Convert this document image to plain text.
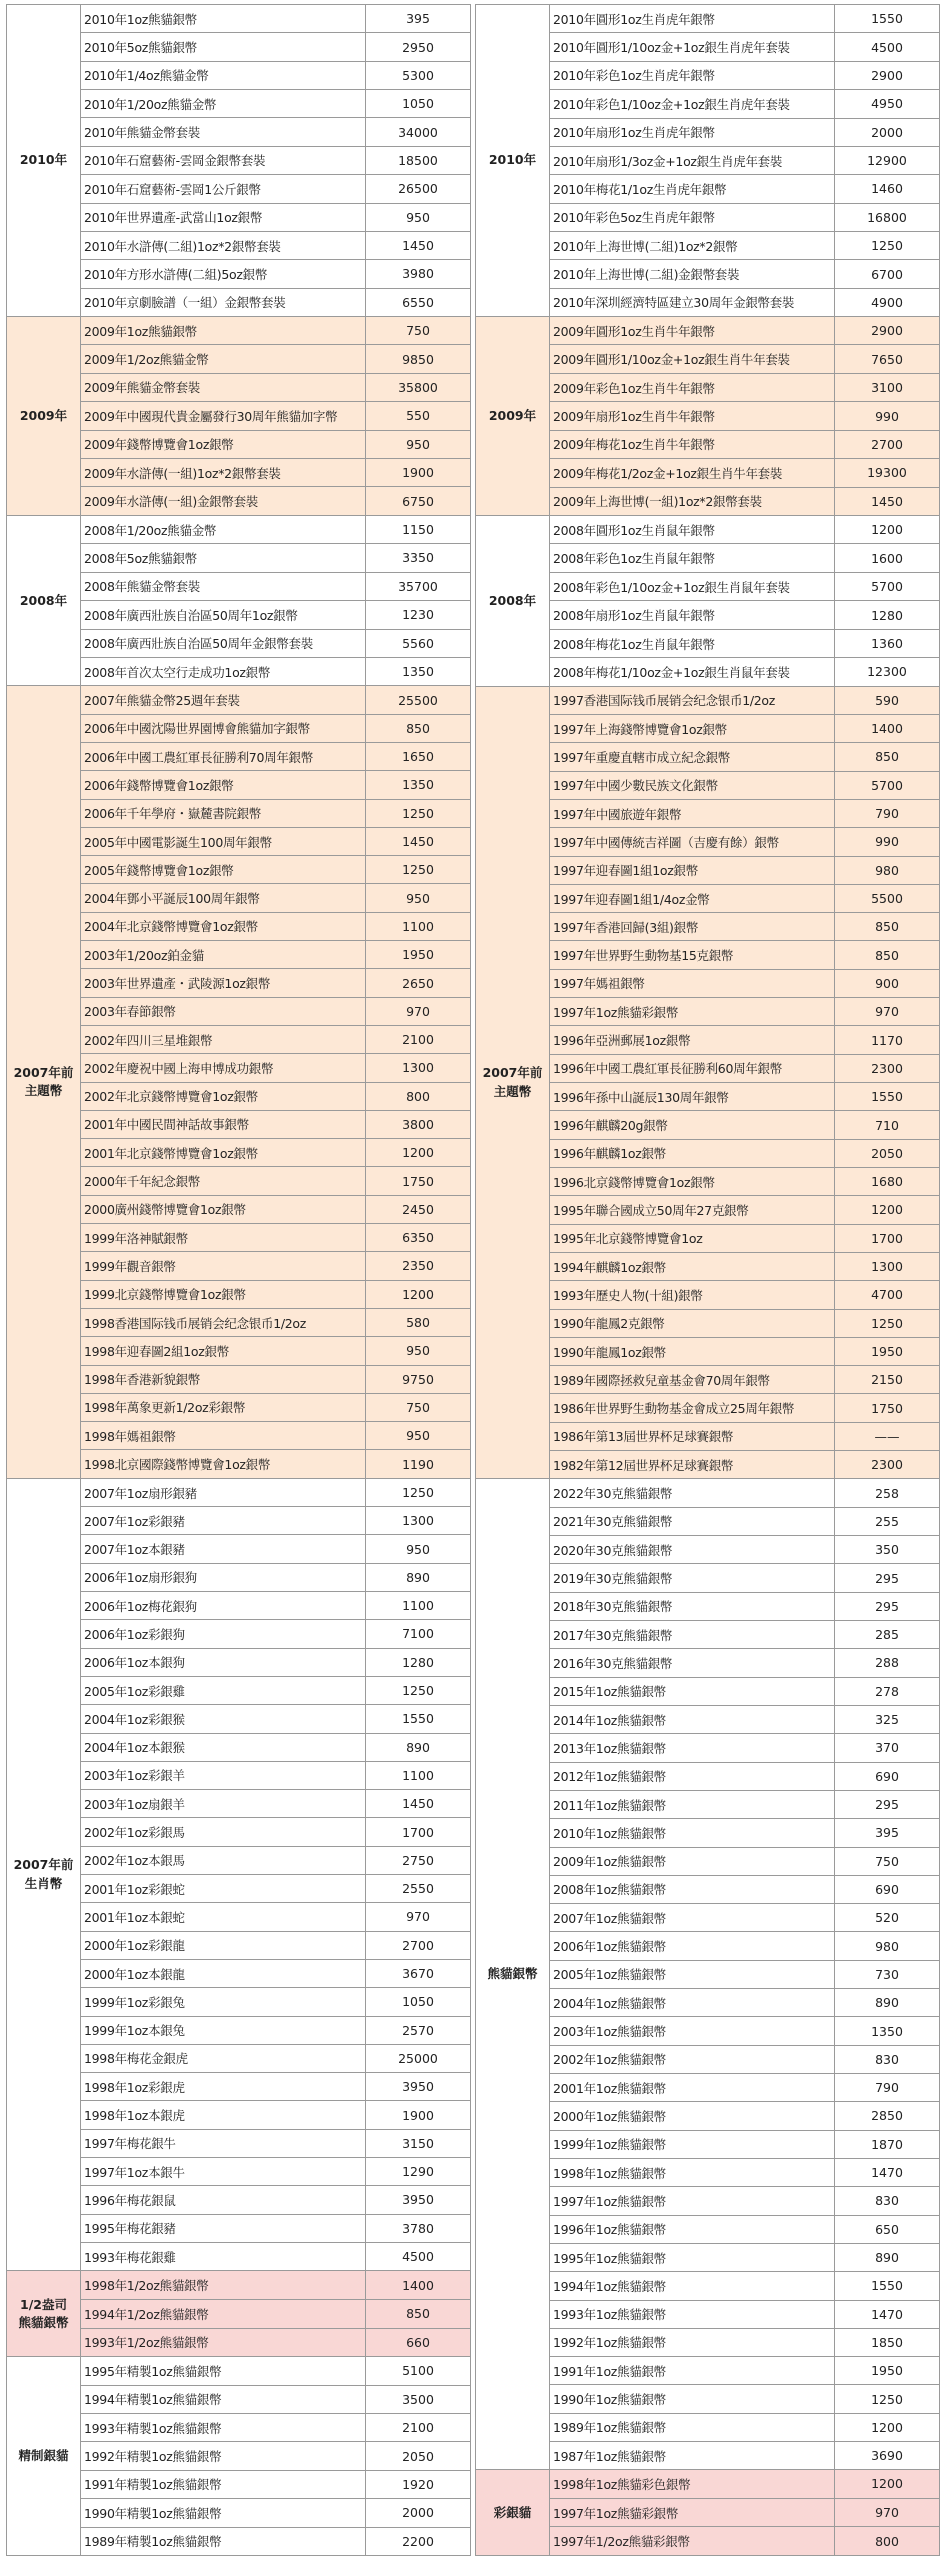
2010年
2010年1oz熊貓銀幣	395
2010年5oz熊貓銀幣	2950
2010年1/4oz熊貓金幣	5300
2010年1/20oz熊貓金幣	1050
2010年熊貓金幣套裝	34000
2010年石窟藝術-雲岡金銀幣套裝	18500
2010年石窟藝術-雲岡1公斤銀幣	26500
2010年世界遺產-武當山1oz銀幣	950
2010年水滸傳(二組)1oz*2銀幣套裝	1450
2010年方形水滸傳(二組)5oz銀幣	3980
2010年京劇臉譜（一組）金銀幣套裝	6550
2009年
2009年1oz熊貓銀幣	750
2009年1/2oz熊貓金幣	9850
2009年熊貓金幣套裝	35800
2009年中國現代貴金屬發行30周年熊貓加字幣	550
2009年錢幣博覽會1oz銀幣	950
2009年水滸傳(一組)1oz*2銀幣套裝	1900
2009年水滸傳(一組)金銀幣套裝	6750
2008年
2008年1/20oz熊貓金幣	1150
2008年5oz熊貓銀幣	3350
2008年熊貓金幣套裝	35700
2008年廣西壯族自治區50周年1oz銀幣	1230
2008年廣西壯族自治區50周年金銀幣套裝	5560
2008年首次太空行走成功1oz銀幣	1350
2007年前
主題幣
2007年熊貓金幣25週年套裝	25500
2006年中國沈陽世界園博會熊貓加字銀幣	850
2006年中國工農紅軍長征勝利70周年銀幣	1650
2006年錢幣博覽會1oz銀幣	1350
2006年千年學府・嶽麓書院銀幣	1250
2005年中國電影誕生100周年銀幣	1450
2005年錢幣博覽會1oz銀幣	1250
2004年鄧小平誕辰100周年銀幣	950
2004年北京錢幣博覽會1oz銀幣	1100
2003年1/20oz鉑金貓	1950
2003年世界遺產・武陵源1oz銀幣	2650
2003年春節銀幣	970
2002年四川三星堆銀幣	2100
2002年慶祝中國上海申博成功銀幣	1300
2002年北京錢幣博覽會1oz銀幣	800
2001年中國民間神話故事銀幣	3800
2001年北京錢幣博覽會1oz銀幣	1200
2000年千年紀念銀幣	1750
2000廣州錢幣博覽會1oz銀幣	2450
1999年洛神賦銀幣	6350
1999年觀音銀幣	2350
1999北京錢幣博覽會1oz銀幣	1200
1998香港国际钱币展销会纪念银币1/2oz	580
1998年迎春圖2組1oz銀幣	950
1998年香港新貌銀幣	9750
1998年萬象更新1/2oz彩銀幣	750
1998年媽祖銀幣	950
1998北京國際錢幣博覽會1oz銀幣	1190
2007年前
生肖幣
2007年1oz扇形銀豬	1250
2007年1oz彩銀豬	1300
2007年1oz本銀豬	950
2006年1oz扇形銀狗	890
2006年1oz梅花銀狗	1100
2006年1oz彩銀狗	7100
2006年1oz本銀狗	1280
2005年1oz彩銀雞	1250
2004年1oz彩銀猴	1550
2004年1oz本銀猴	890
2003年1oz彩銀羊	1100
2003年1oz扇銀羊	1450
2002年1oz彩銀馬	1700
2002年1oz本銀馬	2750
2001年1oz彩銀蛇	2550
2001年1oz本銀蛇	970
2000年1oz彩銀龍	2700
2000年1oz本銀龍	3670
1999年1oz彩銀兔	1050
1999年1oz本銀兔	2570
1998年梅花金銀虎	25000
1998年1oz彩銀虎	3950
1998年1oz本銀虎	1900
1997年梅花銀牛	3150
1997年1oz本銀牛	1290
1996年梅花銀鼠	3950
1995年梅花銀豬	3780
1993年梅花銀雞	4500
1/2盎司
熊貓銀幣
1998年1/2oz熊貓銀幣	1400
1994年1/2oz熊貓銀幣	850
1993年1/2oz熊貓銀幣	660
精制銀貓
1995年精製1oz熊貓銀幣	5100
1994年精製1oz熊貓銀幣	3500
1993年精製1oz熊貓銀幣	2100
1992年精製1oz熊貓銀幣	2050
1991年精製1oz熊貓銀幣	1920
1990年精製1oz熊貓銀幣	2000
1989年精製1oz熊貓銀幣	2200
2010年
2010年圓形1oz生肖虎年銀幣	1550
2010年圓形1/10oz金+1oz銀生肖虎年套裝	4500
2010年彩色1oz生肖虎年銀幣	2900
2010年彩色1/10oz金+1oz銀生肖虎年套裝	4950
2010年扇形1oz生肖虎年銀幣	2000
2010年扇形1/3oz金+1oz銀生肖虎年套裝	12900
2010年梅花1/1oz生肖虎年銀幣	1460
2010年彩色5oz生肖虎年銀幣	16800
2010年上海世博(二組)1oz*2銀幣	1250
2010年上海世博(二組)金銀幣套裝	6700
2010年深圳經濟特區建立30周年金銀幣套裝	4900
2009年
2009年圓形1oz生肖牛年銀幣	2900
2009年圓形1/10oz金+1oz銀生肖牛年套裝	7650
2009年彩色1oz生肖牛年銀幣	3100
2009年扇形1oz生肖牛年銀幣	990
2009年梅花1oz生肖牛年銀幣	2700
2009年梅花1/2oz金+1oz銀生肖牛年套裝	19300
2009年上海世博(一組)1oz*2銀幣套裝	1450
2008年
2008年圓形1oz生肖鼠年銀幣	1200
2008年彩色1oz生肖鼠年銀幣	1600
2008年彩色1/10oz金+1oz銀生肖鼠年套裝	5700
2008年扇形1oz生肖鼠年銀幣	1280
2008年梅花1oz生肖鼠年銀幣	1360
2008年梅花1/10oz金+1oz銀生肖鼠年套裝	12300
2007年前
主題幣
1997香港国际钱币展销会纪念银币1/2oz	590
1997年上海錢幣博覽會1oz銀幣	1400
1997年重慶直轄市成立紀念銀幣	850
1997年中國少數民族文化銀幣	5700
1997年中國旅遊年銀幣	790
1997年中國傳統吉祥圖（吉慶有餘）銀幣	990
1997年迎春圖1組1oz銀幣	980
1997年迎春圖1組1/4oz金幣	5500
1997年香港回歸(3組)銀幣	850
1997年世界野生動物基15克銀幣	850
1997年媽祖銀幣	900
1997年1oz熊貓彩銀幣	970
1996年亞洲郵展1oz銀幣	1170
1996年中國工農紅軍長征勝利60周年銀幣	2300
1996年孫中山誕辰130周年銀幣	1550
1996年麒麟20g銀幣	710
1996年麒麟1oz銀幣	2050
1996北京錢幣博覽會1oz銀幣	1680
1995年聯合國成立50周年27克銀幣	1200
1995年北京錢幣博覽會1oz	1700
1994年麒麟1oz銀幣	1300
1993年歷史人物(十組)銀幣	4700
1990年龍鳳2克銀幣	1250
1990年龍鳳1oz銀幣	1950
1989年國際拯救兒童基金會70周年銀幣	2150
1986年世界野生動物基金會成立25周年銀幣	1750
1986年第13屆世界杯足球賽銀幣	——
1982年第12屆世界杯足球賽銀幣	2300
熊貓銀幣
2022年30克熊貓銀幣	258
2021年30克熊貓銀幣	255
2020年30克熊貓銀幣	350
2019年30克熊貓銀幣	295
2018年30克熊貓銀幣	295
2017年30克熊貓銀幣	285
2016年30克熊貓銀幣	288
2015年1oz熊貓銀幣	278
2014年1oz熊貓銀幣	325
2013年1oz熊貓銀幣	370
2012年1oz熊貓銀幣	690
2011年1oz熊貓銀幣	295
2010年1oz熊貓銀幣	395
2009年1oz熊貓銀幣	750
2008年1oz熊貓銀幣	690
2007年1oz熊貓銀幣	520
2006年1oz熊貓銀幣	980
2005年1oz熊貓銀幣	730
2004年1oz熊貓銀幣	890
2003年1oz熊貓銀幣	1350
2002年1oz熊貓銀幣	830
2001年1oz熊貓銀幣	790
2000年1oz熊貓銀幣	2850
1999年1oz熊貓銀幣	1870
1998年1oz熊貓銀幣	1470
1997年1oz熊貓銀幣	830
1996年1oz熊貓銀幣	650
1995年1oz熊貓銀幣	890
1994年1oz熊貓銀幣	1550
1993年1oz熊貓銀幣	1470
1992年1oz熊貓銀幣	1850
1991年1oz熊貓銀幣	1950
1990年1oz熊貓銀幣	1250
1989年1oz熊貓銀幣	1200
1987年1oz熊貓銀幣	3690
彩銀貓
1998年1oz熊貓彩色銀幣	1200
1997年1oz熊貓彩銀幣	970
1997年1/2oz熊貓彩銀幣	800
